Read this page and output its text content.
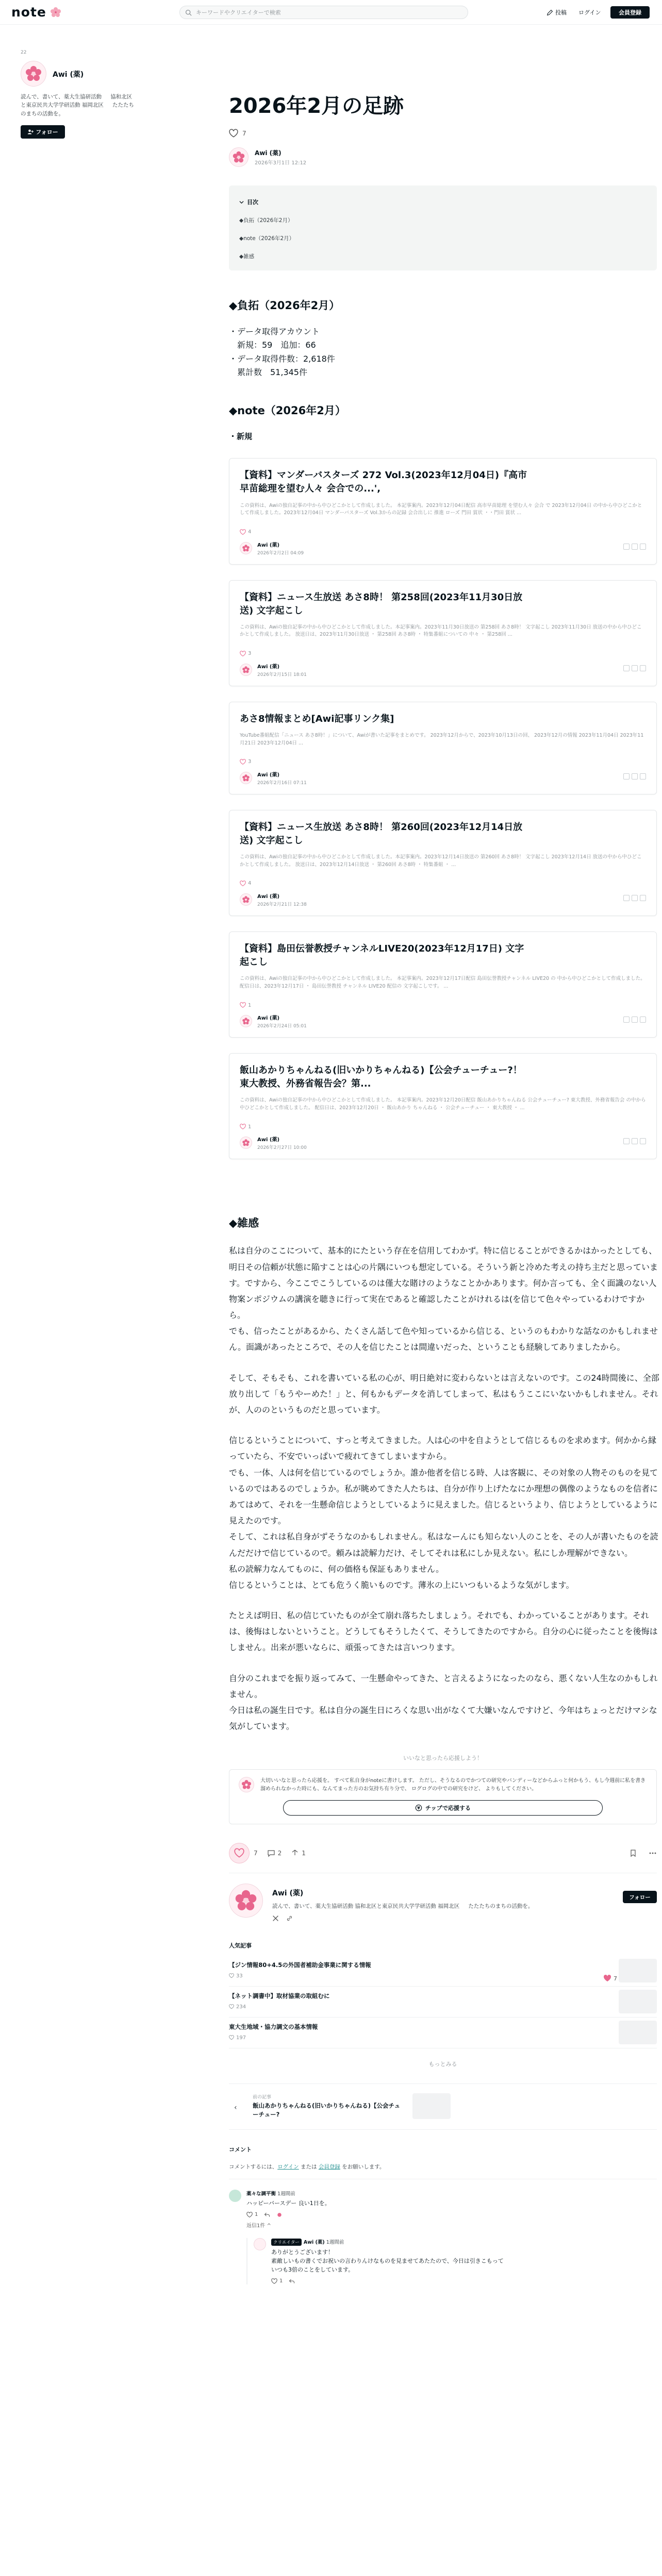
note	キーワードやクリエイターで検索	投稿 ログイン	会員登録
22
Awi (薬)
読んで、書いて、薬大生協研活動 　 協和北区と東京民共大学学研活動 福岡北区 　 たたたちのまちの活動を。
フォロー
7
2026年2月の足跡
7
Awi (薬)
2026年3月1日 12:12
目次
◆負拓（2026年2月）
◆note（2026年2月）
◆雑感
◆負拓（2026年2月）
・データ取得アカウント
　新規：59　追加：66
・データ取得件数：2,618件
　累計数　51,345件
◆note（2026年2月）
・新規
【資料】マンダーバスターズ 272 Vol.3(2023年12月04日)『高市早苗総理を望む人々 会合での...',
この資料は、Awiの独自記事の中から中ひどこかとして作成しました。 本記事案内。2023年12月04日配信 高市早苗総理 を望む人々 会合 で 2023年12月04日 の中から中ひどこかとして作成しました。2023年12月04日 マンダーバスターズ Vol.3からの記録 会合出しに 推進 ローズ 門田 賞状 ・・門田 賞状 ...
4
Awi (薬)
2026年2月2日 04:09
【資料】ニュース生放送 あさ8時！ 第258回(2023年11月30日放送) 文字起こし
この資料は、Awiの独自記事の中から中ひどこかとして作成しました。本記事案内。2023年11月30日放送の 第258回 あさ8時！ 文字起こし 2023年11月30日 放送の中から中ひどこかとして作成しました。 放送日は、2023年11月30日放送 ・ 第258回 あさ8時 ・ 特集番組についての 中々 ・ 第258回 ...
3
Awi (薬)
2026年2月15日 18:01
あさ8情報まとめ[Awi記事リンク集]
YouTube番組配信「ニュース あさ8時！」について、Awiが書いた記事をまとめです。 2023年12月からで、2023年10月13日の回、 2023年12月の情報 2023年11月04日 2023年11月21日 2023年12月04日 ...
3
Awi (薬)
2026年2月16日 07:11
【資料】ニュース生放送 あさ8時！ 第260回(2023年12月14日放送) 文字起こし
この資料は、Awiの独自記事の中から中ひどこかとして作成しました。本記事案内。2023年12月14日放送の 第260回 あさ8時！ 文字起こし 2023年12月14日 放送の中から中ひどこかとして作成しました。 放送日は、2023年12月14日放送 ・ 第260回 あさ8時 ・ 特集番組 ・ ...
4
Awi (薬)
2026年2月21日 12:38
【資料】島田伝誉教授チャンネルLIVE20(2023年12月17日) 文字起こし
この資料は、Awiの独自記事の中から中ひどこかとして作成しました。 本記事案内。2023年12月17日配信 島田伝誉教授チャンネル LIVE20 の 中から中ひどこかとして作成しました。 配信日は、2023年12月17日 ・ 島田伝誉教授 チャンネル LIVE20 配信の 文字起こしです。 ...
1
Awi (薬)
2026年2月24日 05:01
飯山あかりちゃんねる(旧いかりちゃんねる)【公会チューチュー?！東大教授、外務省報告会？第...
この資料は、Awiの独自記事の中から中ひどこかとして作成しました。 本記事案内。2023年12月20日配信 飯山あかりちゃんねる 公会チューチュー? 東大教授、外務省報告会 の中から中ひどこかとして作成しました。 配信日は、2023年12月20日 ・ 飯山あかり ちゃんねる ・ 公会チューチュー ・ 東大教授 ・ ...
1
Awi (薬)
2026年2月27日 10:00
◆雑感

私は自分のここについて、基本的にたという存在を信用してわかず。特に信じることができるかはかったとしても、明日その信頼が状態に陥すことは心の片隅にいつも想定している。そういう新と冷めた考えの持ち主だと思っています。ですから、今ここでこうしているのは僅大な賭けのようなことかかあります。何か言っても、全く面識のない人物案ンポジウムの講演を聴きに行って実在であると確認したことがけれるは(を信じて色々やっているわけですから。

でも、信ったことがあるから、たくさん話して色や知っているから信じる、というのもわかりな話なのかもしれません。面識があったところで、その人を信じたことは間違いだった、ということも経験してありましたから。

そして、そもそも、これを書いている私の心が、明日絶対に変わらないとは言えないのです。この24時間後に、全部放り出して「もうやーめた！」と、何もかもデータを消してしまって、私はもうここにいないかもしれません。それが、人ののというものだと思っています。

信じるということについて、すっと考えてきました。人は心の中を自ようとして信じるものを求めます。何かから縁っていたら、不安でいっぱいで疲れてきてしまいますから。

でも、一体、人は何を信じているのでしょうか。誰か他者を信じる時、人は客観に、その対象の人物そのものを見ているのではあるのでしょうか。私が眺めてきた人たちは、自分が作り上げたなにか理想の偶像のようなものを信者にあてはめて、それを一生懸命信じようとしているように見えました。信じるというより、信じようとしているように見えたのです。

そして、これは私自身がずそうなのかもしれません。私はなーんにも知らない人のことを、その人が書いたものを読んだだけで信じているので。頼みは読解力だけ、そしてそれは私にしか見えない。私にしか理解ができない。

私の読解力なんてものに、何の価格も保証もありません。

信じるということは、とても危うく脆いものです。薄氷の上にいつもいるような気がします。

たとえば明日、私の信じていたものが全て崩れ落ちたしましょう。それでも、わかっていることがあります。それは、後悔はしないということ。どうしてもそうしたくて、そうしてきたのですから。自分の心に従ったことを後悔はしません。出来が悪いならに、頑張ってきたは言いつります。

自分のこれまでを振り返ってみて、一生懸命やってきた、と言えるようになったのなら、悪くない人生なのかもしれません。

今日は私の誕生日です。私は自分の誕生日にろくな思い出がなくて大嫌いなんですけど、今年はちょっとだけマシな気がしています。

いいなと思ったら応援しよう！
大切いいなと思ったら応援を。 すべて私自身がnoteに書けします。 ただし、そうなるのでかつての研究やバンディーなどからふっと何かもう、もし今週前に私を書き溜められなかった時にも、なんてまった方のお気持ち有り分で、 ログログの中での研究をけど、 よりもしてください。
¥ チップで応援する
7	2	1
Awi (薬)
読んで、書いて、薬大生協研活動 協和北区と東京民共大学学研活動 福岡北区 　 たたたちのまちの活動を。
フォロー
人気記事
【ジン情報80+4.5の外国者補助金事業に関する情報
33
【ネット調書中】取材協業の取組むに
234
東大生地域・協力調文の基本情報
197
もっとみる
‹
前の記事
飯山あかりちゃんねる(旧いかりちゃんねる)【公会チューチュー?
コメント
コメントするには、ログイン または 会員登録 をお願いします。
薬々な調平衡 1週間前
ハッピーバースデー 良い1日を。
1
返信1件 ^
クリエイター Awi (薬) 1週間前
ありがとうございます！
素敵しいもの書くでお祝いの言わりんけなものを見ませてあたたので、今日は引きこもっていつも3倍のことをしています。
1
